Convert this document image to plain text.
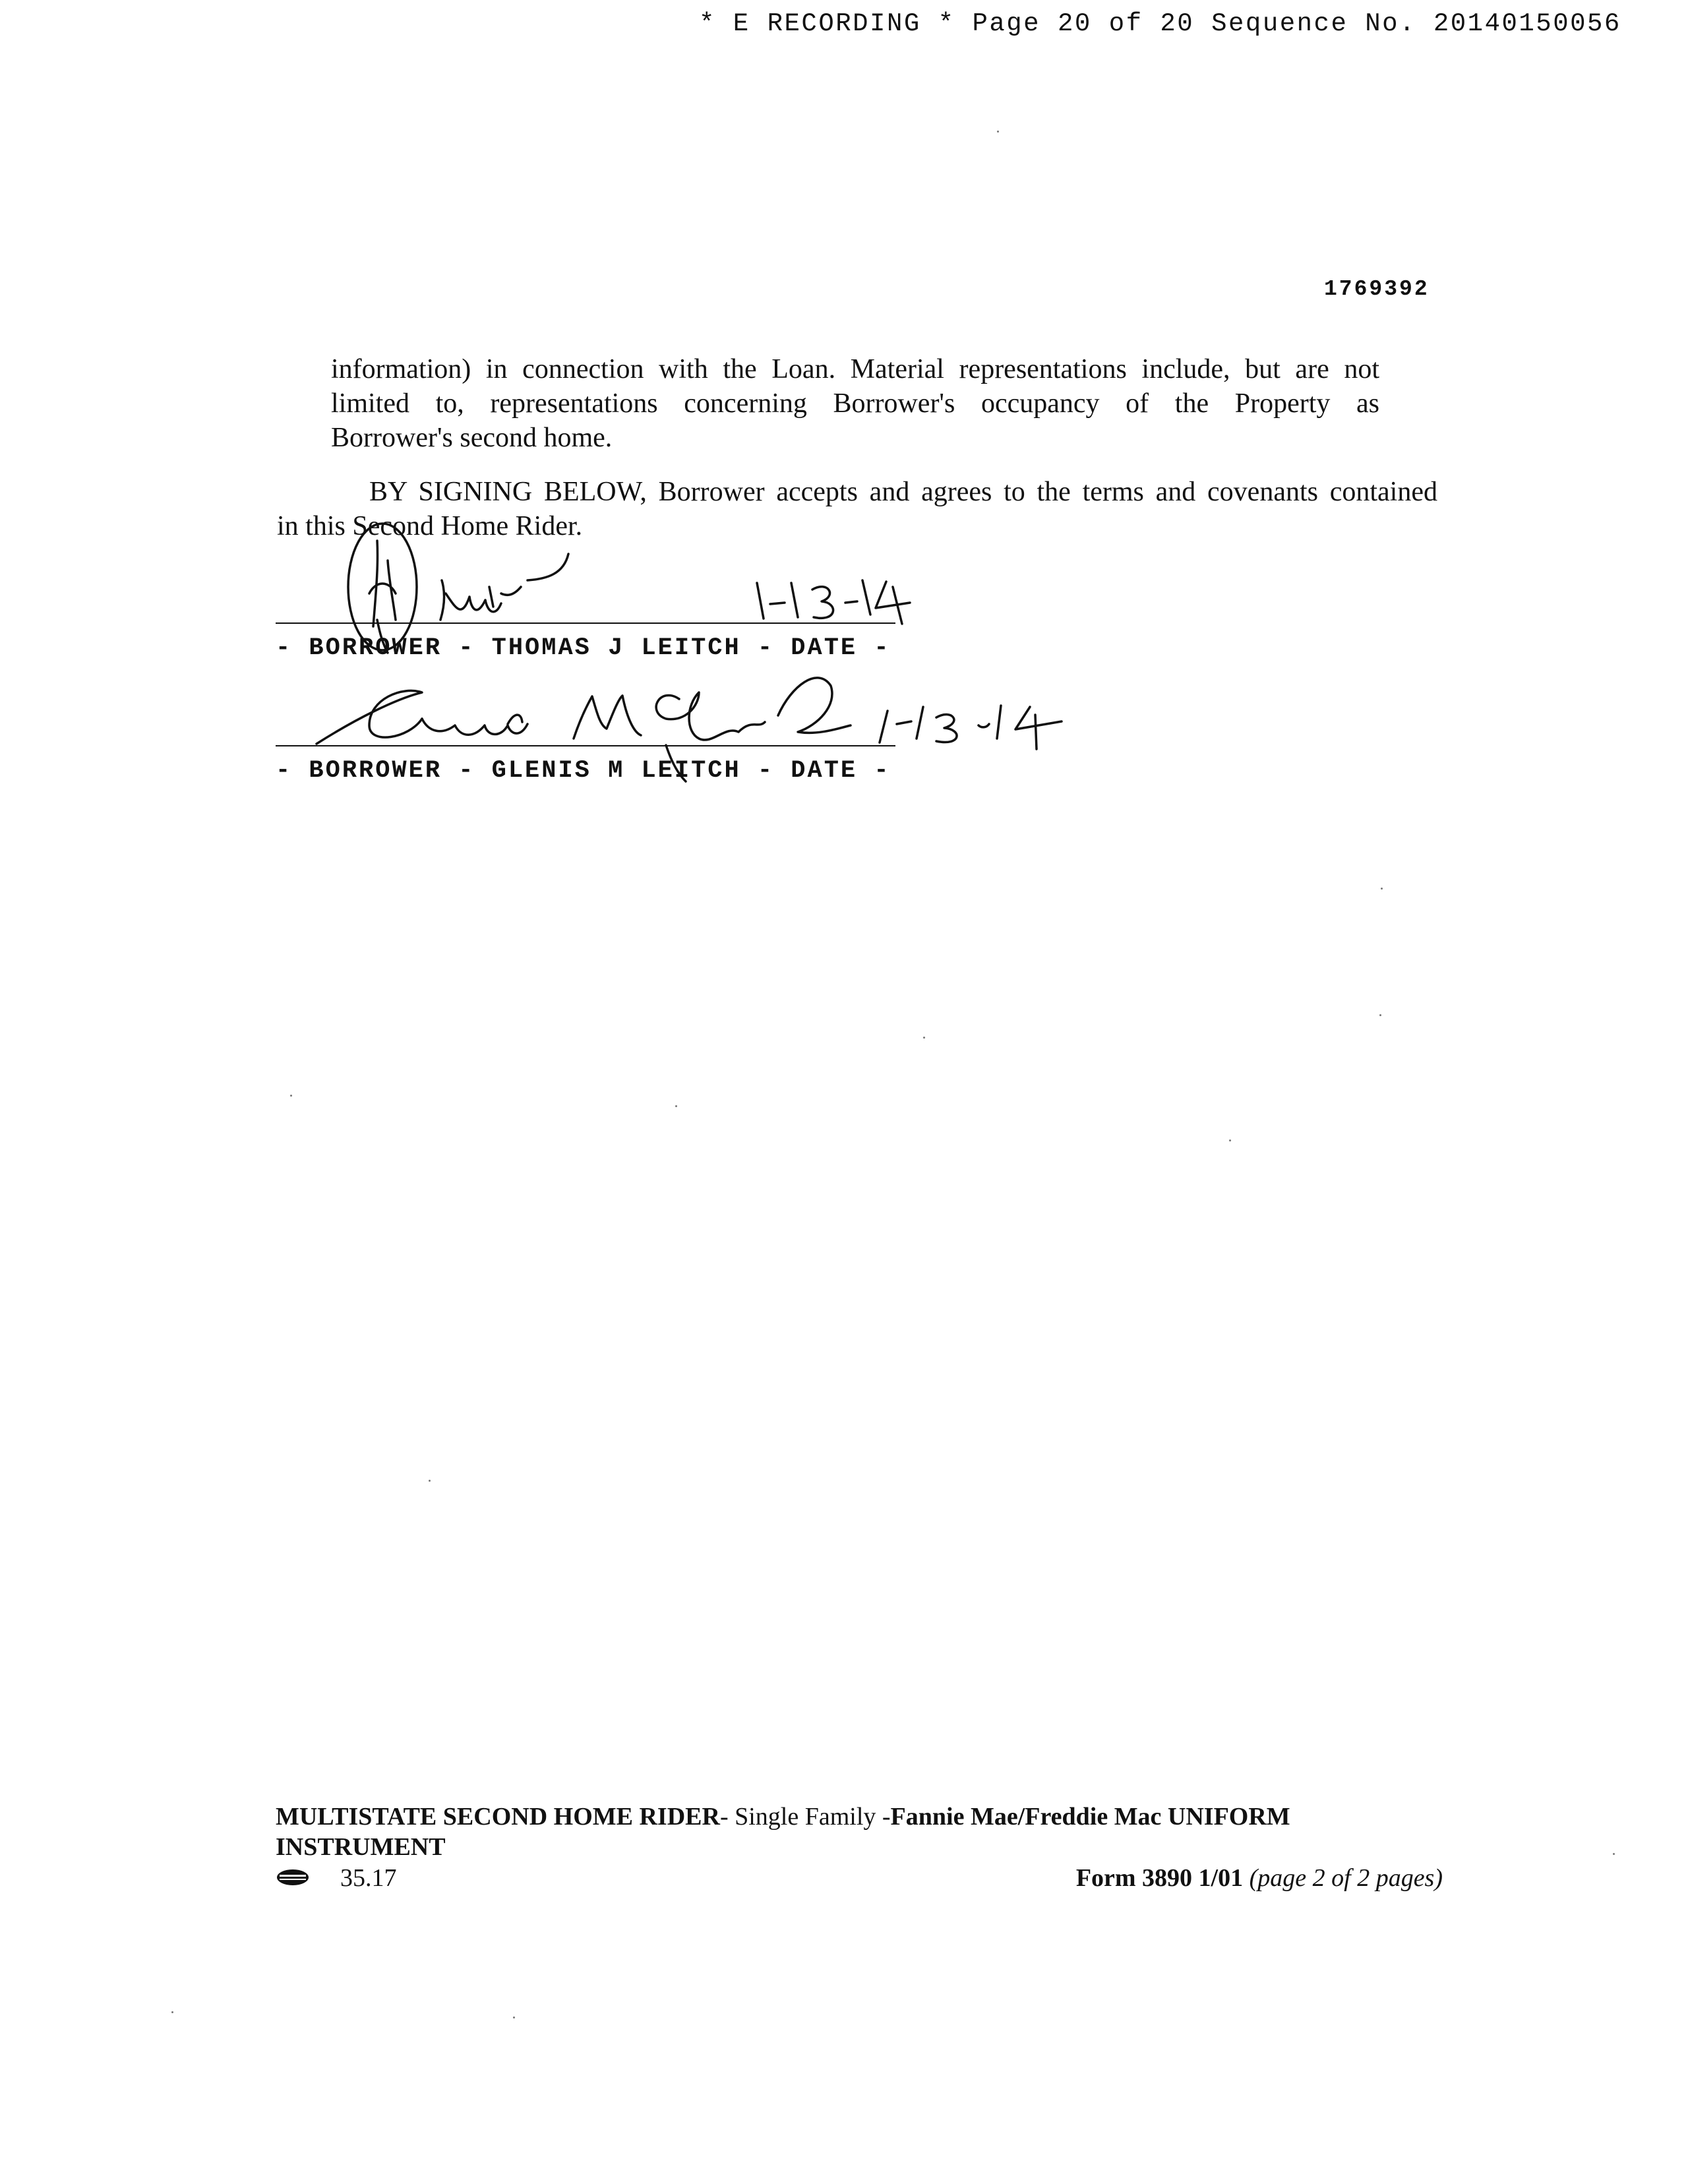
* E RECORDING * Page 20 of 20 Sequence No. 20140150056
1769392
information) in connection with the Loan. Material representations include, but are not
limited to, representations concerning Borrower's occupancy of the Property as
Borrower's second home.
BY SIGNING BELOW, Borrower accepts and agrees to the terms and covenants contained
in this Second Home Rider.
- BORROWER - THOMAS J LEITCH - DATE -
- BORROWER - GLENIS M LEITCH - DATE -
MULTISTATE SECOND HOME RIDER- Single Family -Fannie Mae/Freddie Mac UNIFORM INSTRUMENT
35.17	Form 3890 1/01 (page 2 of 2 pages)
